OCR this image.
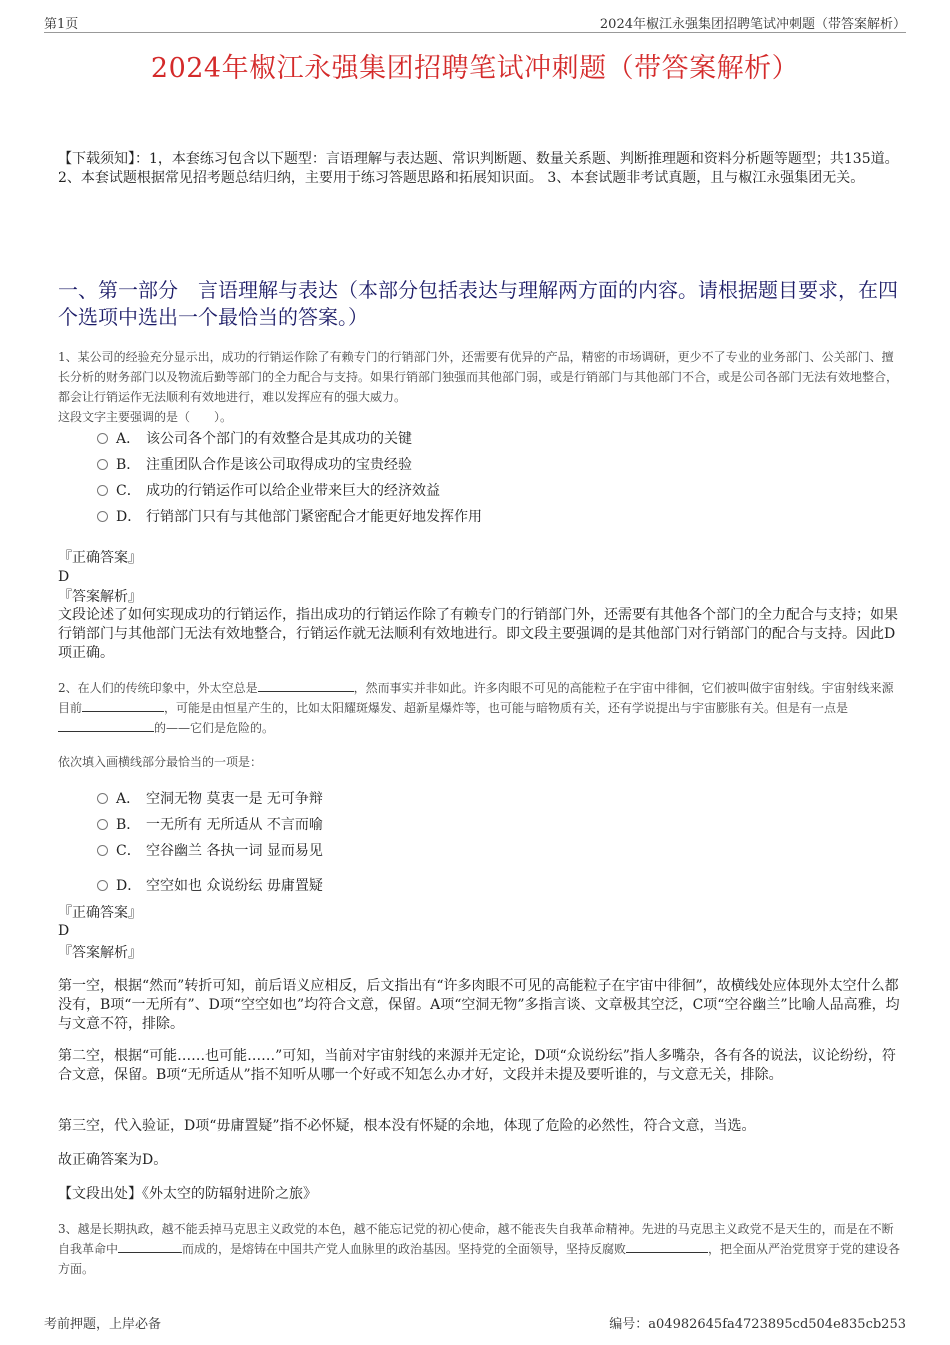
第1页	2024年椒江永强集团招聘笔试冲刺题（带答案解析）
2024年椒江永强集团招聘笔试冲刺题（带答案解析）
【下载须知】：1，本套练习包含以下题型：言语理解与表达题、常识判断题、数量关系题、判断推理题和资料分析题等题型；共135道。 2、本套试题根据常见招考题总结归纳，主要用于练习答题思路和拓展知识面。 3、本套试题非考试真题，且与椒江永强集团无关。
一、第一部分　言语理解与表达（本部分包括表达与理解两方面的内容。请根据题目要求，在四个选项中选出一个最恰当的答案。）
1、某公司的经验充分显示出，成功的行销运作除了有赖专门的行销部门外，还需要有优异的产品，精密的市场调研，更少不了专业的业务部门、公关部门、擅长分析的财务部门以及物流后勤等部门的全力配合与支持。如果行销部门独强而其他部门弱，或是行销部门与其他部门不合，或是公司各部门无法有效地整合，都会让行销运作无法顺利有效地进行，难以发挥应有的强大威力。
这段文字主要强调的是（　　）。
A． 该公司各个部门的有效整合是其成功的关键
B． 注重团队合作是该公司取得成功的宝贵经验
C． 成功的行销运作可以给企业带来巨大的经济效益
D． 行销部门只有与其他部门紧密配合才能更好地发挥作用
『正确答案』
D
『答案解析』
文段论述了如何实现成功的行销运作，指出成功的行销运作除了有赖专门的行销部门外，还需要有其他各个部门的全力配合与支持；如果行销部门与其他部门无法有效地整合，行销运作就无法顺利有效地进行。即文段主要强调的是其他部门对行销部门的配合与支持。因此D项正确。
2、在人们的传统印象中，外太空总是	，然而事实并非如此。许多肉眼不可见的高能粒子在宇宙中徘徊，它们被叫做宇宙射线。宇宙射线来源目前	，可能是由恒星产生的，比如太阳耀斑爆发、超新星爆炸等，也可能与暗物质有关，还有学说提出与宇宙膨胀有关。但是有一点是的——它们是危险的。
依次填入画横线部分最恰当的一项是：
A． 空洞无物 莫衷一是 无可争辩
B． 一无所有 无所适从 不言而喻
C． 空谷幽兰 各执一词 显而易见
D． 空空如也 众说纷纭 毋庸置疑
『正确答案』
D
『答案解析』
第一空，根据“然而”转折可知，前后语义应相反，后文指出有“许多肉眼不可见的高能粒子在宇宙中徘徊”，故横线处应体现外太空什么都没有，B项“一无所有”、D项“空空如也”均符合文意，保留。A项“空洞无物”多指言谈、文章极其空泛，C项“空谷幽兰”比喻人品高雅，均与文意不符，排除。
第二空，根据“可能……也可能……”可知，当前对宇宙射线的来源并无定论，D项“众说纷纭”指人多嘴杂，各有各的说法，议论纷纷，符合文意，保留。B项“无所适从”指不知听从哪一个好或不知怎么办才好，文段并未提及要听谁的，与文意无关，排除。
第三空，代入验证，D项“毋庸置疑”指不必怀疑，根本没有怀疑的余地，体现了危险的必然性，符合文意，当选。
故正确答案为D。
【文段出处】《外太空的防辐射进阶之旅》
3、越是长期执政，越不能丢掉马克思主义政党的本色，越不能忘记党的初心使命，越不能丧失自我革命精神。先进的马克思主义政党不是天生的，而是在不断自我革命中	而成的，是熔铸在中国共产党人血脉里的政治基因。坚持党的全面领导，坚持反腐败	，把全面从严治党贯穿于党的建设各方面。
考前押题，上岸必备	编号：a04982645fa4723895cd504e835cb253
